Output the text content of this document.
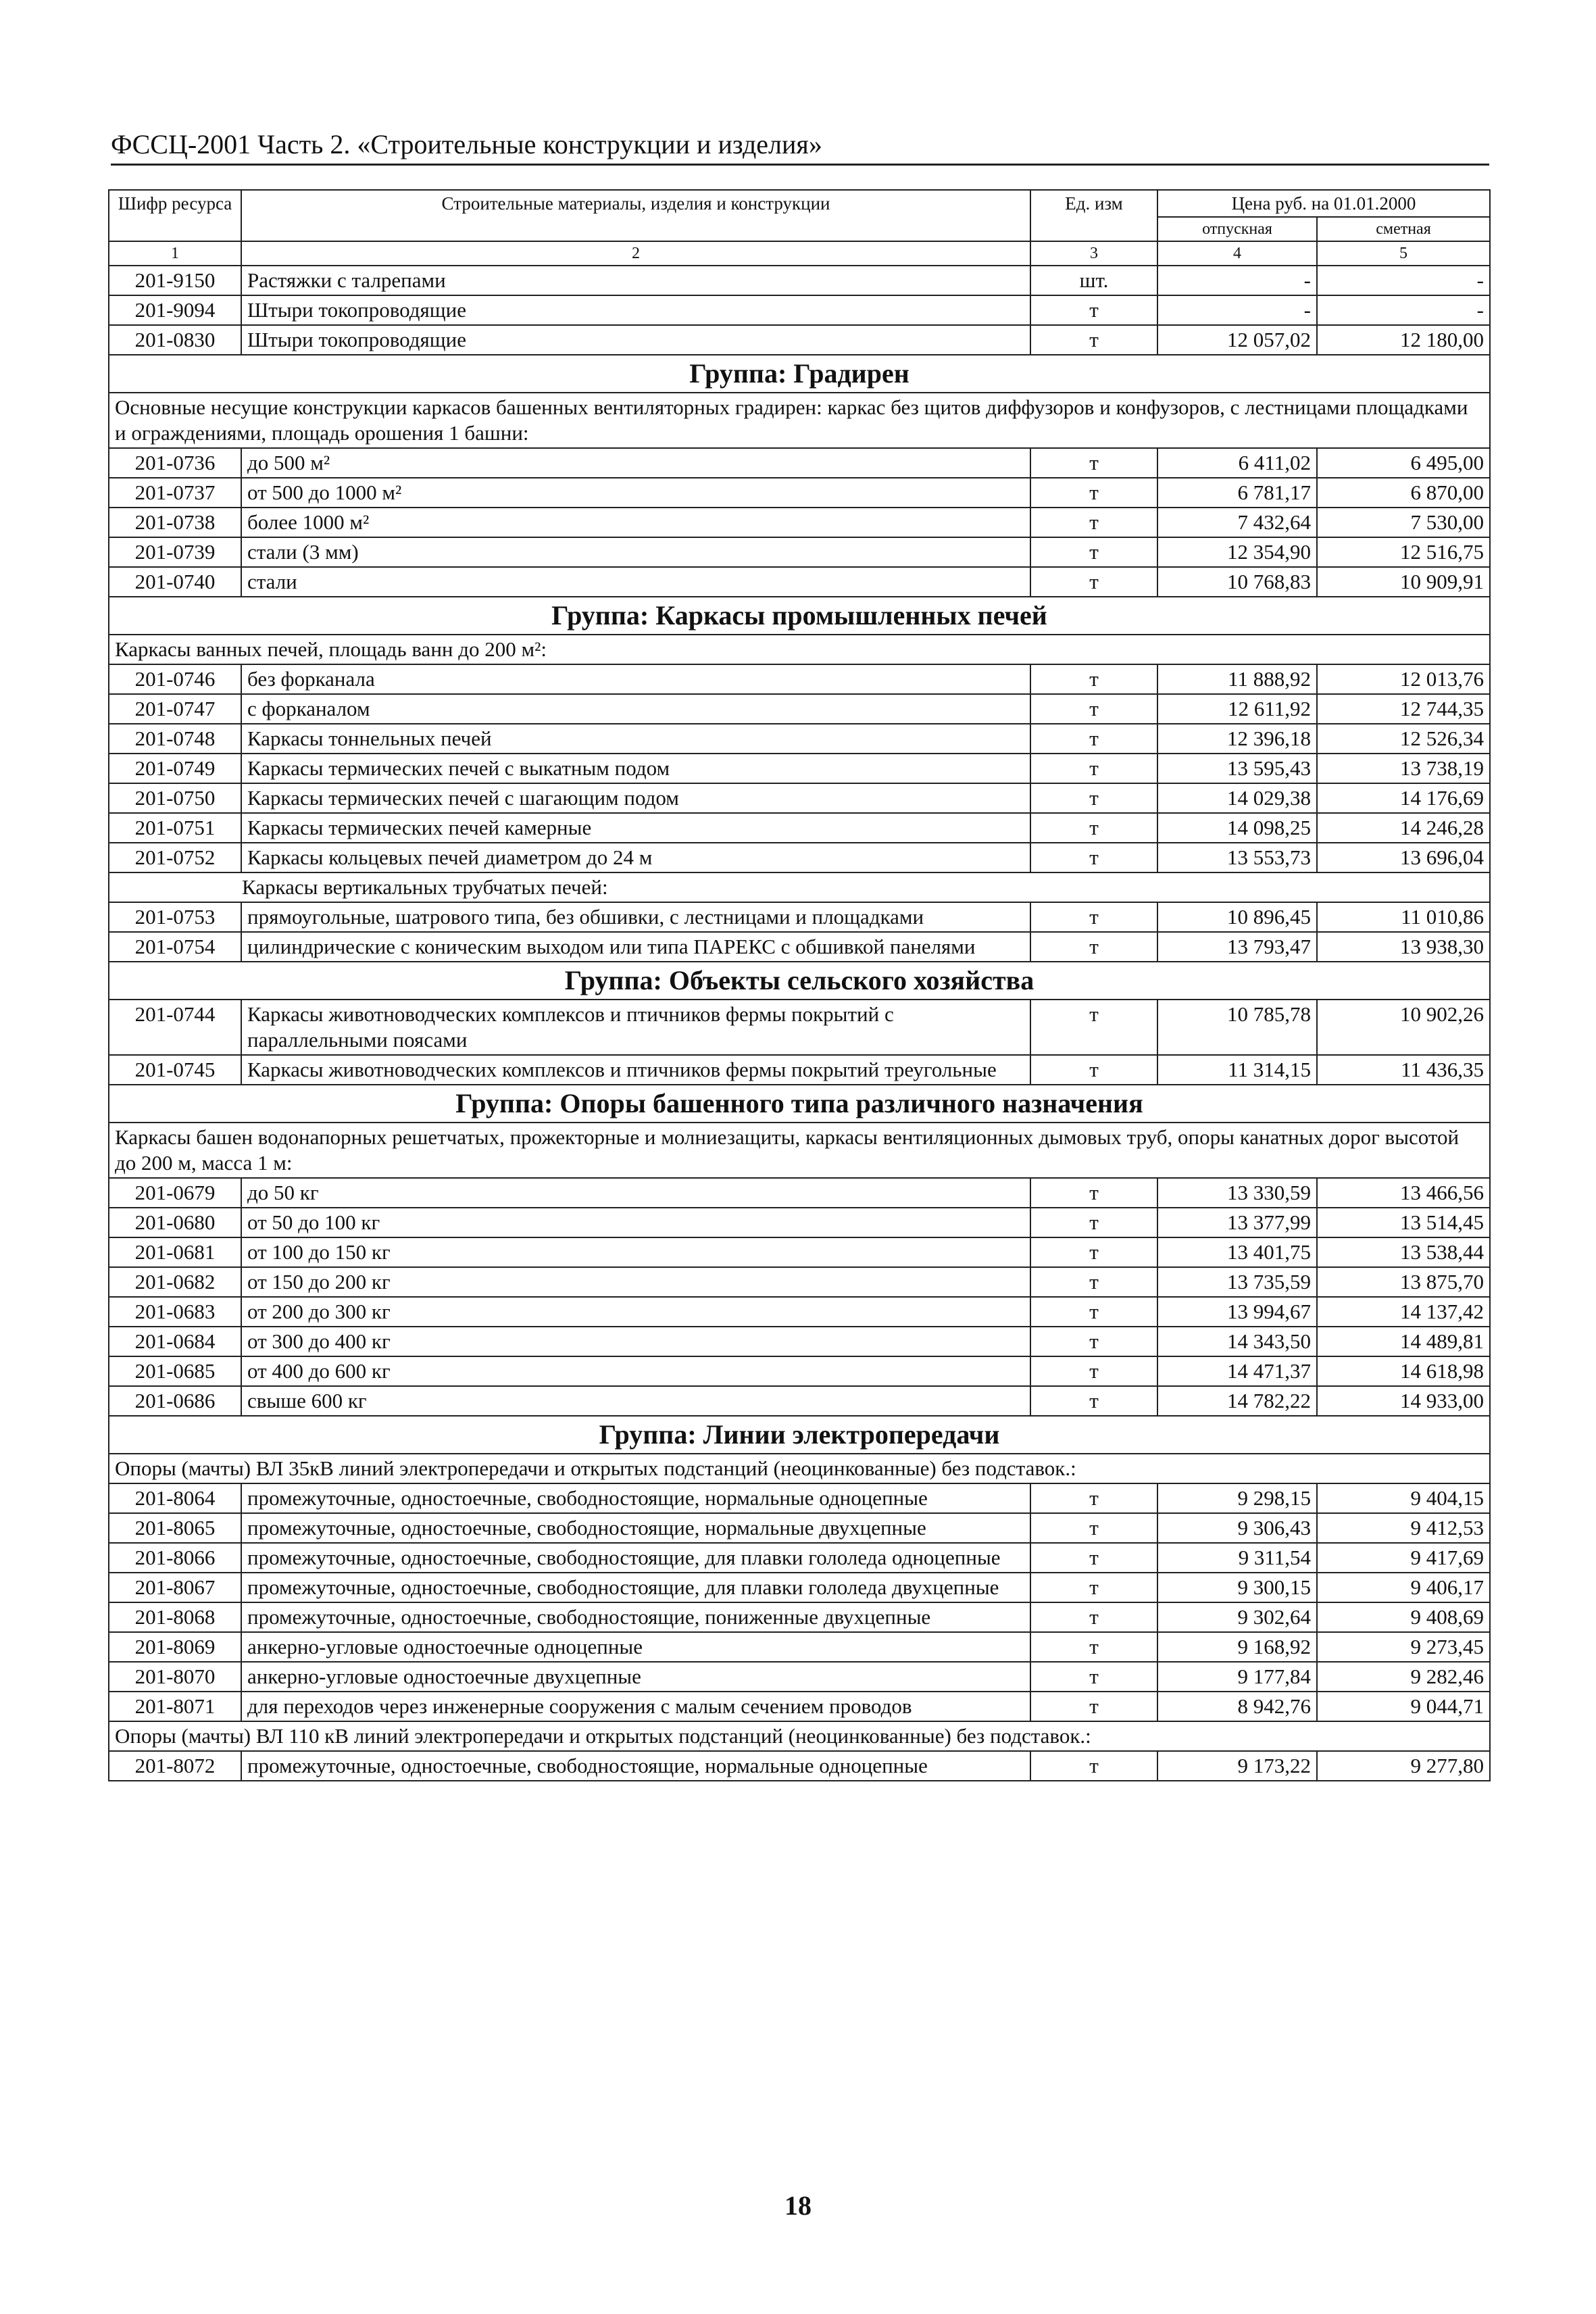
ФССЦ-2001 Часть 2. «Строительные конструкции и изделия»
Шифр ресурса	Строительные материалы, изделия и конструкции	Ед. изм	Цена руб. на 01.01.2000	
			отпускная	сметная
1	2	3	4	5
201-9150	Растяжки с талрепами	шт.	-	-
201-9094	Штыри токопроводящие	т	-	-
201-0830	Штыри токопроводящие	т	12 057,02	12 180,00
Группа: Градирен				
Основные несущие конструкции каркасов башенных вентиляторных градирен: каркас без щитов диффузоров и конфузоров, с лестницами площадками и ограждениями, площадь орошения 1 башни:				
201-0736	до 500 м²	т	6 411,02	6 495,00
201-0737	от 500 до 1000 м²	т	6 781,17	6 870,00
201-0738	более 1000 м²	т	7 432,64	7 530,00
201-0739	стали (3 мм)	т	12 354,90	12 516,75
201-0740	стали	т	10 768,83	10 909,91
Группа: Каркасы промышленных печей				
Каркасы ванных печей, площадь ванн до 200 м²:				
201-0746	без форканала	т	11 888,92	12 013,76
201-0747	с форканалом	т	12 611,92	12 744,35
201-0748	Каркасы тоннельных печей	т	12 396,18	12 526,34
201-0749	Каркасы термических печей с выкатным подом	т	13 595,43	13 738,19
201-0750	Каркасы термических печей с шагающим подом	т	14 029,38	14 176,69
201-0751	Каркасы термических печей камерные	т	14 098,25	14 246,28
201-0752	Каркасы кольцевых печей диаметром до 24 м	т	13 553,73	13 696,04
Каркасы вертикальных трубчатых печей:				
201-0753	прямоугольные, шатрового типа, без обшивки, с лестницами и площадками	т	10 896,45	11 010,86
201-0754	цилиндрические с коническим выходом или типа ПАРЕКС с обшивкой панелями	т	13 793,47	13 938,30
Группа: Объекты сельского хозяйства				
201-0744	Каркасы животноводческих комплексов и птичников фермы покрытий с параллельными поясами	т	10 785,78	10 902,26
201-0745	Каркасы животноводческих комплексов и птичников фермы покрытий треугольные	т	11 314,15	11 436,35
Группа: Опоры башенного типа различного назначения				
Каркасы башен водонапорных решетчатых, прожекторные и молниезащиты, каркасы вентиляционных дымовых труб, опоры канатных дорог высотой до 200 м, масса 1 м:				
201-0679	до 50 кг	т	13 330,59	13 466,56
201-0680	от 50 до 100 кг	т	13 377,99	13 514,45
201-0681	от 100 до 150 кг	т	13 401,75	13 538,44
201-0682	от 150 до 200 кг	т	13 735,59	13 875,70
201-0683	от 200 до 300 кг	т	13 994,67	14 137,42
201-0684	от 300 до 400 кг	т	14 343,50	14 489,81
201-0685	от 400 до 600 кг	т	14 471,37	14 618,98
201-0686	свыше 600 кг	т	14 782,22	14 933,00
Группа: Линии электропередачи				
Опоры (мачты) ВЛ 35кВ линий электропередачи и открытых подстанций (неоцинкованные) без подставок.:				
201-8064	промежуточные, одностоечные, свободностоящие, нормальные одноцепные	т	9 298,15	9 404,15
201-8065	промежуточные, одностоечные, свободностоящие, нормальные двухцепные	т	9 306,43	9 412,53
201-8066	промежуточные, одностоечные, свободностоящие, для плавки гололеда одноцепные	т	9 311,54	9 417,69
201-8067	промежуточные, одностоечные, свободностоящие, для плавки гололеда двухцепные	т	9 300,15	9 406,17
201-8068	промежуточные, одностоечные, свободностоящие, пониженные двухцепные	т	9 302,64	9 408,69
201-8069	анкерно-угловые одностоечные одноцепные	т	9 168,92	9 273,45
201-8070	анкерно-угловые одностоечные двухцепные	т	9 177,84	9 282,46
201-8071	для переходов через инженерные сооружения с малым сечением проводов	т	8 942,76	9 044,71
Опоры (мачты) ВЛ 110 кВ линий электропередачи и открытых подстанций (неоцинкованные) без подставок.:				
201-8072	промежуточные, одностоечные, свободностоящие, нормальные одноцепные	т	9 173,22	9 277,80
18
